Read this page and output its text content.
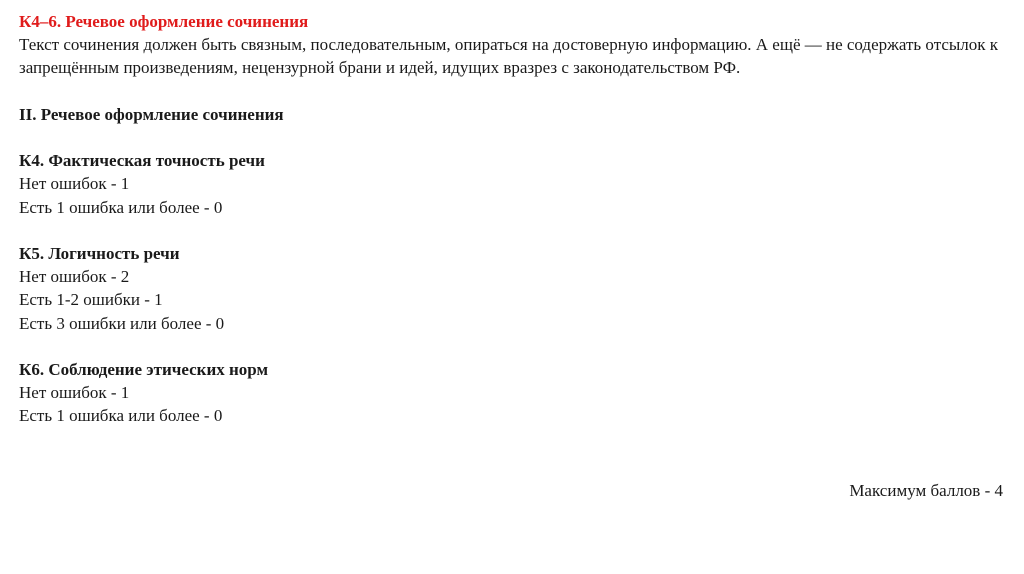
К4–6. Речевое оформление сочинения

Текст сочинения должен быть связным, последовательным, опираться на достоверную информацию. А ещё — не содержать отсылок к запрещённым произведениям, нецензурной брани и идей, идущих вразрез с законодательством РФ.

II. Речевое оформление сочинения

К4. Фактическая точность речи

Нет ошибок - 1

Есть 1 ошибка или более - 0

К5. Логичность речи

Нет ошибок - 2

Есть 1-2 ошибки - 1

Есть 3 ошибки или более - 0

К6. Соблюдение этических норм

Нет ошибок - 1

Есть 1 ошибка или более - 0

Максимум баллов - 4
